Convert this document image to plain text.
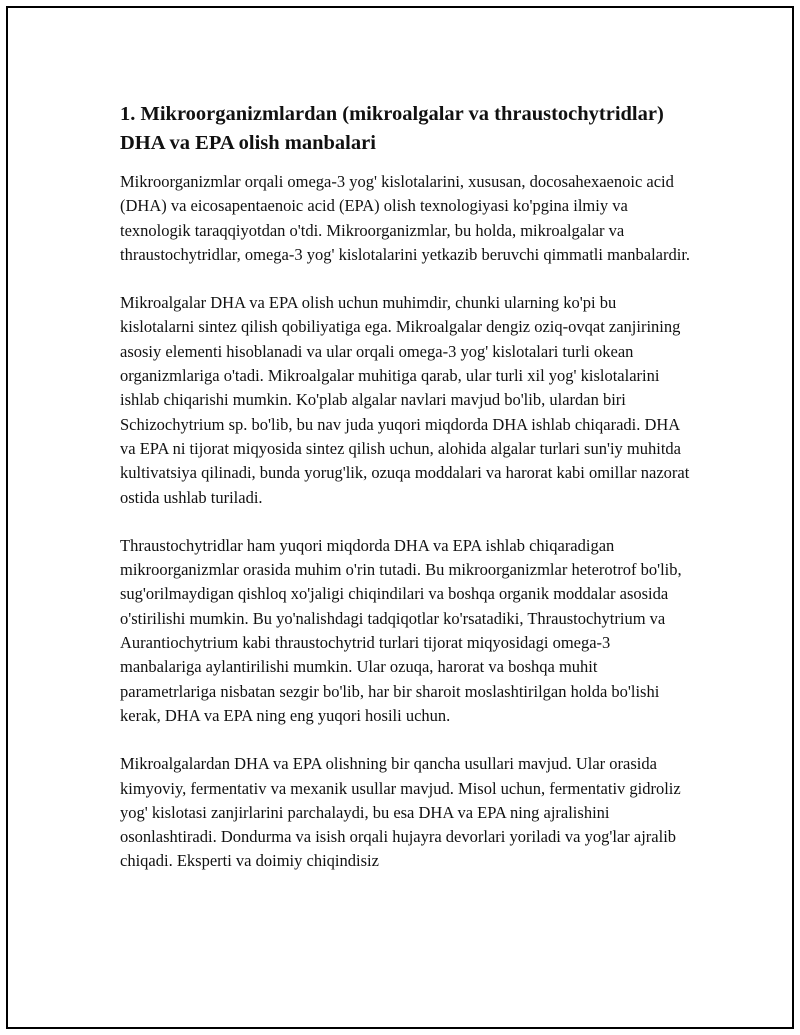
1. Mikroorganizmlardan (mikroalgalar va thraustochytridlar) DHA va EPA olish manbalari

Mikroorganizmlar orqali omega-3 yog' kislotalarini, xususan, docosahexaenoic acid (DHA) va eicosapentaenoic acid (EPA) olish texnologiyasi ko'pgina ilmiy va texnologik taraqqiyotdan o'tdi. Mikroorganizmlar, bu holda, mikroalgalar va thraustochytridlar, omega-3 yog' kislotalarini yetkazib beruvchi qimmatli manbalardir.

Mikroalgalar DHA va EPA olish uchun muhimdir, chunki ularning ko'pi bu kislotalarni sintez qilish qobiliyatiga ega. Mikroalgalar dengiz oziq-ovqat zanjirining asosiy elementi hisoblanadi va ular orqali omega-3 yog' kislotalari turli okean organizmlariga o'tadi. Mikroalgalar muhitiga qarab, ular turli xil yog' kislotalarini ishlab chiqarishi mumkin. Ko'plab algalar navlari mavjud bo'lib, ulardan biri Schizochytrium sp. bo'lib, bu nav juda yuqori miqdorda DHA ishlab chiqaradi. DHA va EPA ni tijorat miqyosida sintez qilish uchun, alohida algalar turlari sun'iy muhitda kultivatsiya qilinadi, bunda yorug'lik, ozuqa moddalari va harorat kabi omillar nazorat ostida ushlab turiladi.

Thraustochytridlar ham yuqori miqdorda DHA va EPA ishlab chiqaradigan mikroorganizmlar orasida muhim o'rin tutadi. Bu mikroorganizmlar heterotrof bo'lib, sug'orilmaydigan qishloq xo'jaligi chiqindilari va boshqa organik moddalar asosida o'stirilishi mumkin. Bu yo'nalishdagi tadqiqotlar ko'rsatadiki, Thraustochytrium va Aurantiochytrium kabi thraustochytrid turlari tijorat miqyosidagi omega-3 manbalariga aylantirilishi mumkin. Ular ozuqa, harorat va boshqa muhit parametrlariga nisbatan sezgir bo'lib, har bir sharoit moslashtirilgan holda bo'lishi kerak, DHA va EPA ning eng yuqori hosili uchun.

Mikroalgalardan DHA va EPA olishning bir qancha usullari mavjud. Ular orasida kimyoviy, fermentativ va mexanik usullar mavjud. Misol uchun, fermentativ gidroliz yog' kislotasi zanjirlarini parchalaydi, bu esa DHA va EPA ning ajralishini osonlashtiradi. Dondurma va isish orqali hujayra devorlari yoriladi va yog'lar ajralib chiqadi. Eksperti va doimiy chiqindisiz
